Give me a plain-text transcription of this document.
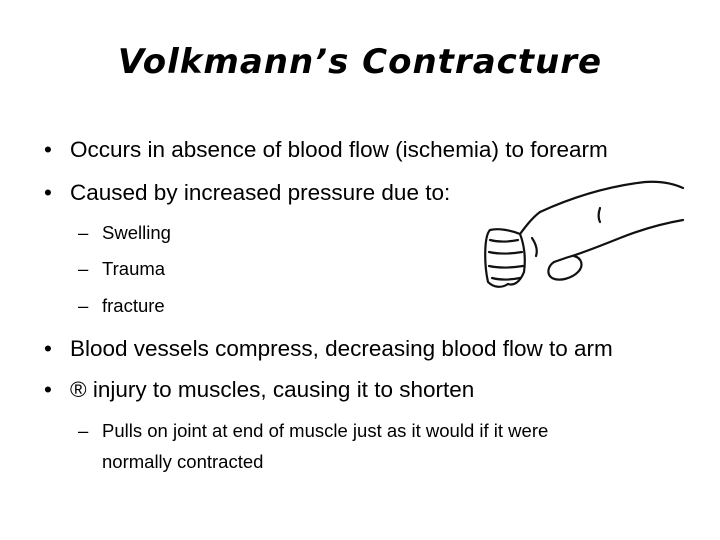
Volkmann’s Contracture
• Occurs in absence of blood flow (ischemia) to forearm
• Caused by increased pressure due to:
– Swelling
– Trauma
– fracture
• Blood vessels compress, decreasing blood flow to arm
• ® injury to muscles, causing it to shorten
– Pulls on joint at end of muscle just as it would if it were
normally contracted
